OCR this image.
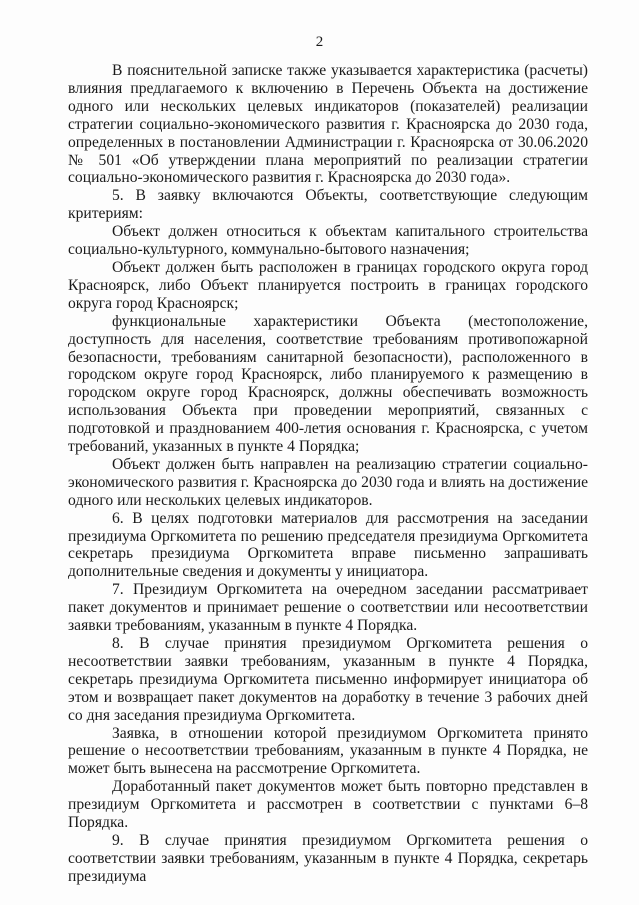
2

В пояснительной записке также указывается характеристика (расчеты) влияния предлагаемого к включению в Перечень Объекта на достижение одного или нескольких целевых индикаторов (показателей) реализации стратегии социально-экономического развития г. Красноярска до 2030 года, определенных в постановлении Администрации г. Красноярска от 30.06.2020 № 501 «Об утверждении плана мероприятий по реализации стратегии социально-экономического развития г. Красноярска до 2030 года».

5. В заявку включаются Объекты, соответствующие следующим критериям:

Объект должен относиться к объектам капитального строительства социально-культурного, коммунально-бытового назначения;

Объект должен быть расположен в границах городского округа город Красноярск, либо Объект планируется построить в границах городского округа город Красноярск;

функциональные характеристики Объекта (местоположение, доступность для населения, соответствие требованиям противопожарной безопасности, требованиям санитарной безопасности), расположенного в городском округе город Красноярск, либо планируемого к размещению в городском округе город Красноярск, должны обеспечивать возможность использования Объекта при проведении мероприятий, связанных с подготовкой и празднованием 400-летия основания г. Красноярска, с учетом требований, указанных в пункте 4 Порядка;

Объект должен быть направлен на реализацию стратегии социально-экономического развития г. Красноярска до 2030 года и влиять на достижение одного или нескольких целевых индикаторов.

6. В целях подготовки материалов для рассмотрения на заседании президиума Оргкомитета по решению председателя президиума Оргкомитета секретарь президиума Оргкомитета вправе письменно запрашивать дополнительные сведения и документы у инициатора.

7. Президиум Оргкомитета на очередном заседании рассматривает пакет документов и принимает решение о соответствии или несоответствии заявки требованиям, указанным в пункте 4 Порядка.

8. В случае принятия президиумом Оргкомитета решения о несоответствии заявки требованиям, указанным в пункте 4 Порядка, секретарь президиума Оргкомитета письменно информирует инициатора об этом и возвращает пакет документов на доработку в течение 3 рабочих дней со дня заседания президиума Оргкомитета.

Заявка, в отношении которой президиумом Оргкомитета принято решение о несоответствии требованиям, указанным в пункте 4 Порядка, не может быть вынесена на рассмотрение Оргкомитета.

Доработанный пакет документов может быть повторно представлен в президиум Оргкомитета и рассмотрен в соответствии с пунктами 6–8 Порядка.

9. В случае принятия президиумом Оргкомитета решения о соответствии заявки требованиям, указанным в пункте 4 Порядка, секретарь президиума
